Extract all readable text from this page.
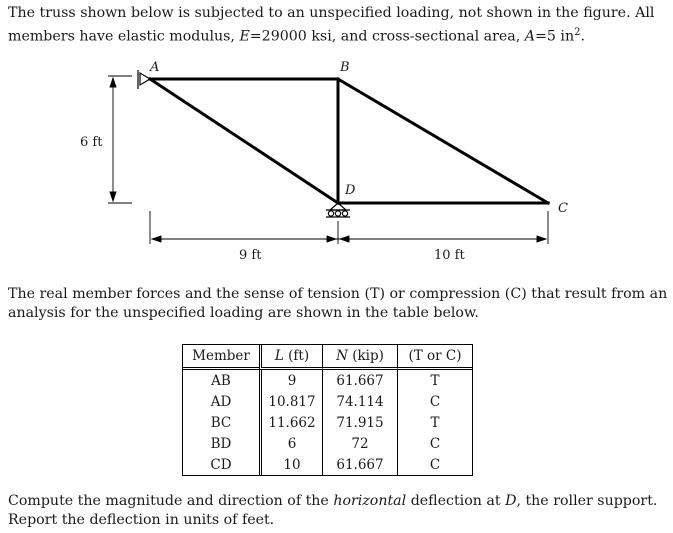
The truss shown below is subjected to an unspecified loading, not shown in the figure. All members have elastic modulus, E=29000 ksi, and cross-sectional area, A=5 $in^2$.
A	B
D
C
6 ft
9 ft	10 ft
The real member forces and the sense of tension (T) or compression (C) that result from an analysis for the unspecified loading are shown in the table below.
Member	L (ft)	N (kip)	(T or C)
AB	9	61.667	T
AD	10.817	74.114	C
BC	11.662	71.915	T
BD	6	72	C
CD	10	61.667	C
Compute the magnitude and direction of the horizontal deflection at D, the roller support. Report the deflection in units of feet.
